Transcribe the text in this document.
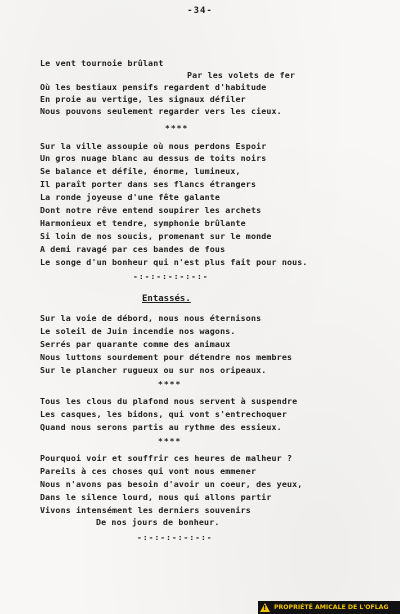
-34-
Le vent tournoie brûlant
Par les volets de fer
Où les bestiaux pensifs regardent d'habitude
En proie au vertige, les signaux défiler
Nous pouvons seulement regarder vers les cieux.
****
Sur la ville assoupie où nous perdons Espoir
Un gros nuage blanc au dessus de toits noirs
Se balance et défile, énorme, lumineux,
Il paraît porter dans ses flancs étrangers
La ronde joyeuse d'une fête galante
Dont notre rêve entend soupirer les archets
Harmonieux et tendre, symphonie brûlante
Si loin de nos soucis, promenant sur le monde
A demi ravagé par ces bandes de fous
Le songe d'un bonheur qui n'est plus fait pour nous.
-:-:-:-:-:-:-
Entassés.
Sur la voie de débord, nous nous éternisons
Le soleil de Juin incendie nos wagons.
Serrés par quarante comme des animaux
Nous luttons sourdement pour détendre nos membres
Sur le plancher rugueux ou sur nos oripeaux.
****
Tous les clous du plafond nous servent à suspendre
Les casques, les bidons, qui vont s'entrechoquer
Quand nous serons partis au rythme des essieux.
****
Pourquoi voir et souffrir ces heures de malheur ?
Pareils à ces choses qui vont nous emmener
Nous n'avons pas besoin d'avoir un coeur, des yeux,
Dans le silence lourd, nous qui allons partir
Vivons intensément les derniers souvenirs
De nos jours de bonheur.
-:-:-:-:-:-:-
!
PROPRIÉTÉ AMICALE DE L'OFLAG
